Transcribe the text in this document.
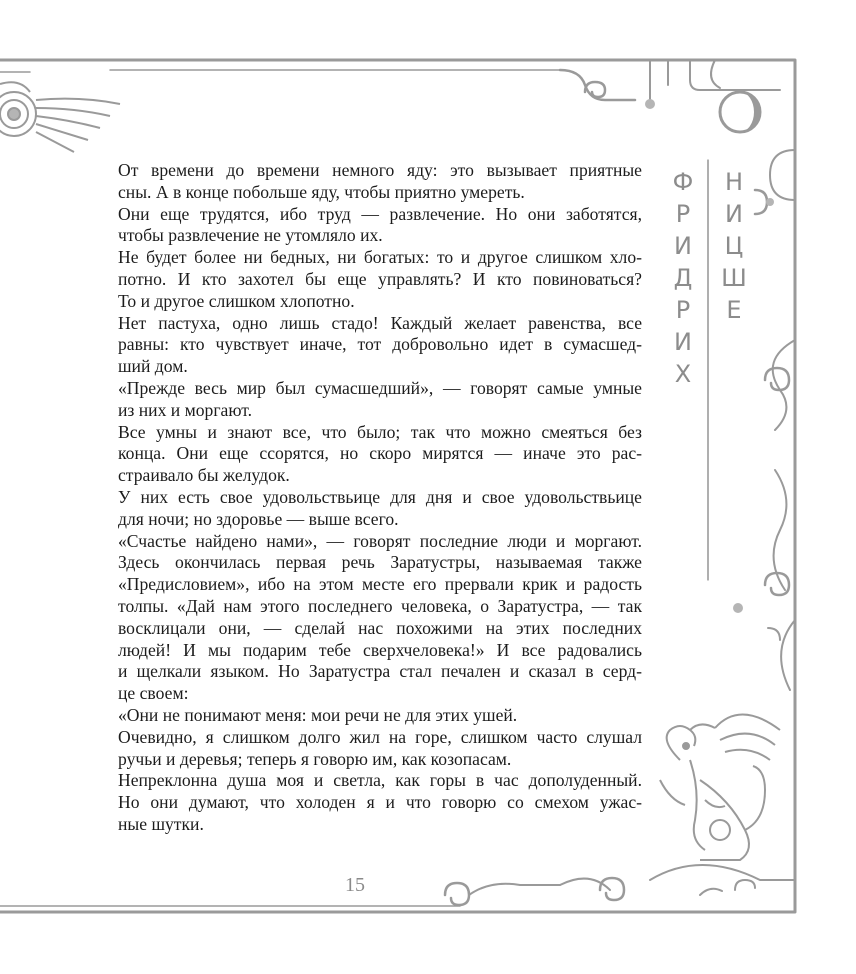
От времени до времени немного яду: это вызывает приятные
сны. А в конце побольше яду, чтобы приятно умереть.
Они еще трудятся, ибо труд — развлечение. Но они заботятся,
чтобы развлечение не утомляло их.
Не будет более ни бедных, ни богатых: то и другое слишком хло-
потно. И кто захотел бы еще управлять? И кто повиноваться?
То и другое слишком хлопотно.
Нет пастуха, одно лишь стадо! Каждый желает равенства, все
равны: кто чувствует иначе, тот добровольно идет в сумасшед-
ший дом.
«Прежде весь мир был сумасшедший», — говорят самые умные
из них и моргают.
Все умны и знают все, что было; так что можно смеяться без
конца. Они еще ссорятся, но скоро мирятся — иначе это рас-
страивало бы желудок.
У них есть свое удовольствьице для дня и свое удовольствьице
для ночи; но здоровье — выше всего.
«Счастье найдено нами», — говорят последние люди и моргают.
Здесь окончилась первая речь Заратустры, называемая также
«Предисловием», ибо на этом месте его прервали крик и радость
толпы. «Дай нам этого последнего человека, о Заратустра, — так
восклицали они, — сделай нас похожими на этих последних
людей! И мы подарим тебе сверхчеловека!» И все радовались
и щелкали языком. Но Заратустра стал печален и сказал в серд-
це своем:
«Они не понимают меня: мои речи не для этих ушей.
Очевидно, я слишком долго жил на горе, слишком часто слушал
ручьи и деревья; теперь я говорю им, как козопасам.
Непреклонна душа моя и светла, как горы в час дополуденный.
Но они думают, что холоден я и что говорю со смехом ужас-
ные шутки.
Ф
Р
И
Д
Р
И
Х
Н
И
Ц
Ш
Е
15
